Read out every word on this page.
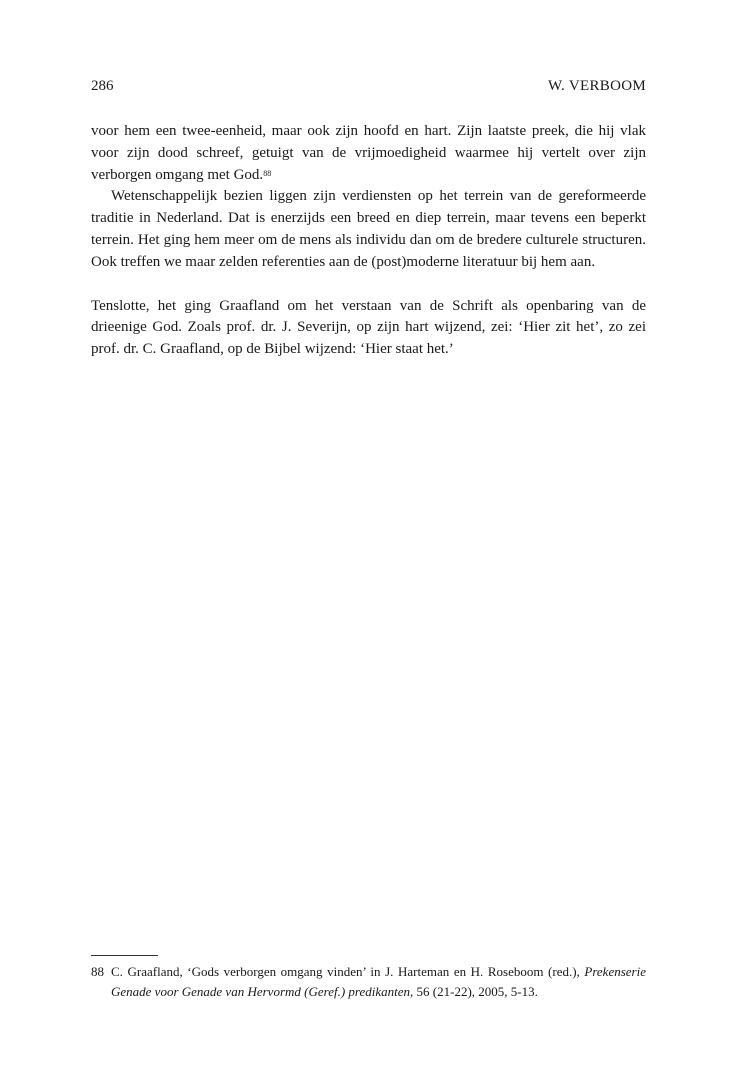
286	W. VERBOOM

voor hem een twee-eenheid, maar ook zijn hoofd en hart. Zijn laatste preek, die hij vlak voor zijn dood schreef, getuigt van de vrijmoedigheid waarmee hij vertelt over zijn verborgen omgang met God.$^{88}$

Wetenschappelijk bezien liggen zijn verdiensten op het terrein van de gereformeerde traditie in Nederland. Dat is enerzijds een breed en diep terrein, maar tevens een beperkt terrein. Het ging hem meer om de mens als individu dan om de bredere culturele structuren. Ook treffen we maar zelden referenties aan de (post)moderne literatuur bij hem aan.

Tenslotte, het ging Graafland om het verstaan van de Schrift als openbaring van de drieenige God. Zoals prof. dr. J. Severijn, op zijn hart wijzend, zei: ‘Hier zit het’, zo zei prof. dr. C. Graafland, op de Bijbel wijzend: ‘Hier staat het.’

88 C. Graafland, ‘Gods verborgen omgang vinden’ in J. Harteman en H. Roseboom (red.), Prekenserie Genade voor Genade van Hervormd (Geref.) predikanten, 56 (21-22), 2005, 5-13.
